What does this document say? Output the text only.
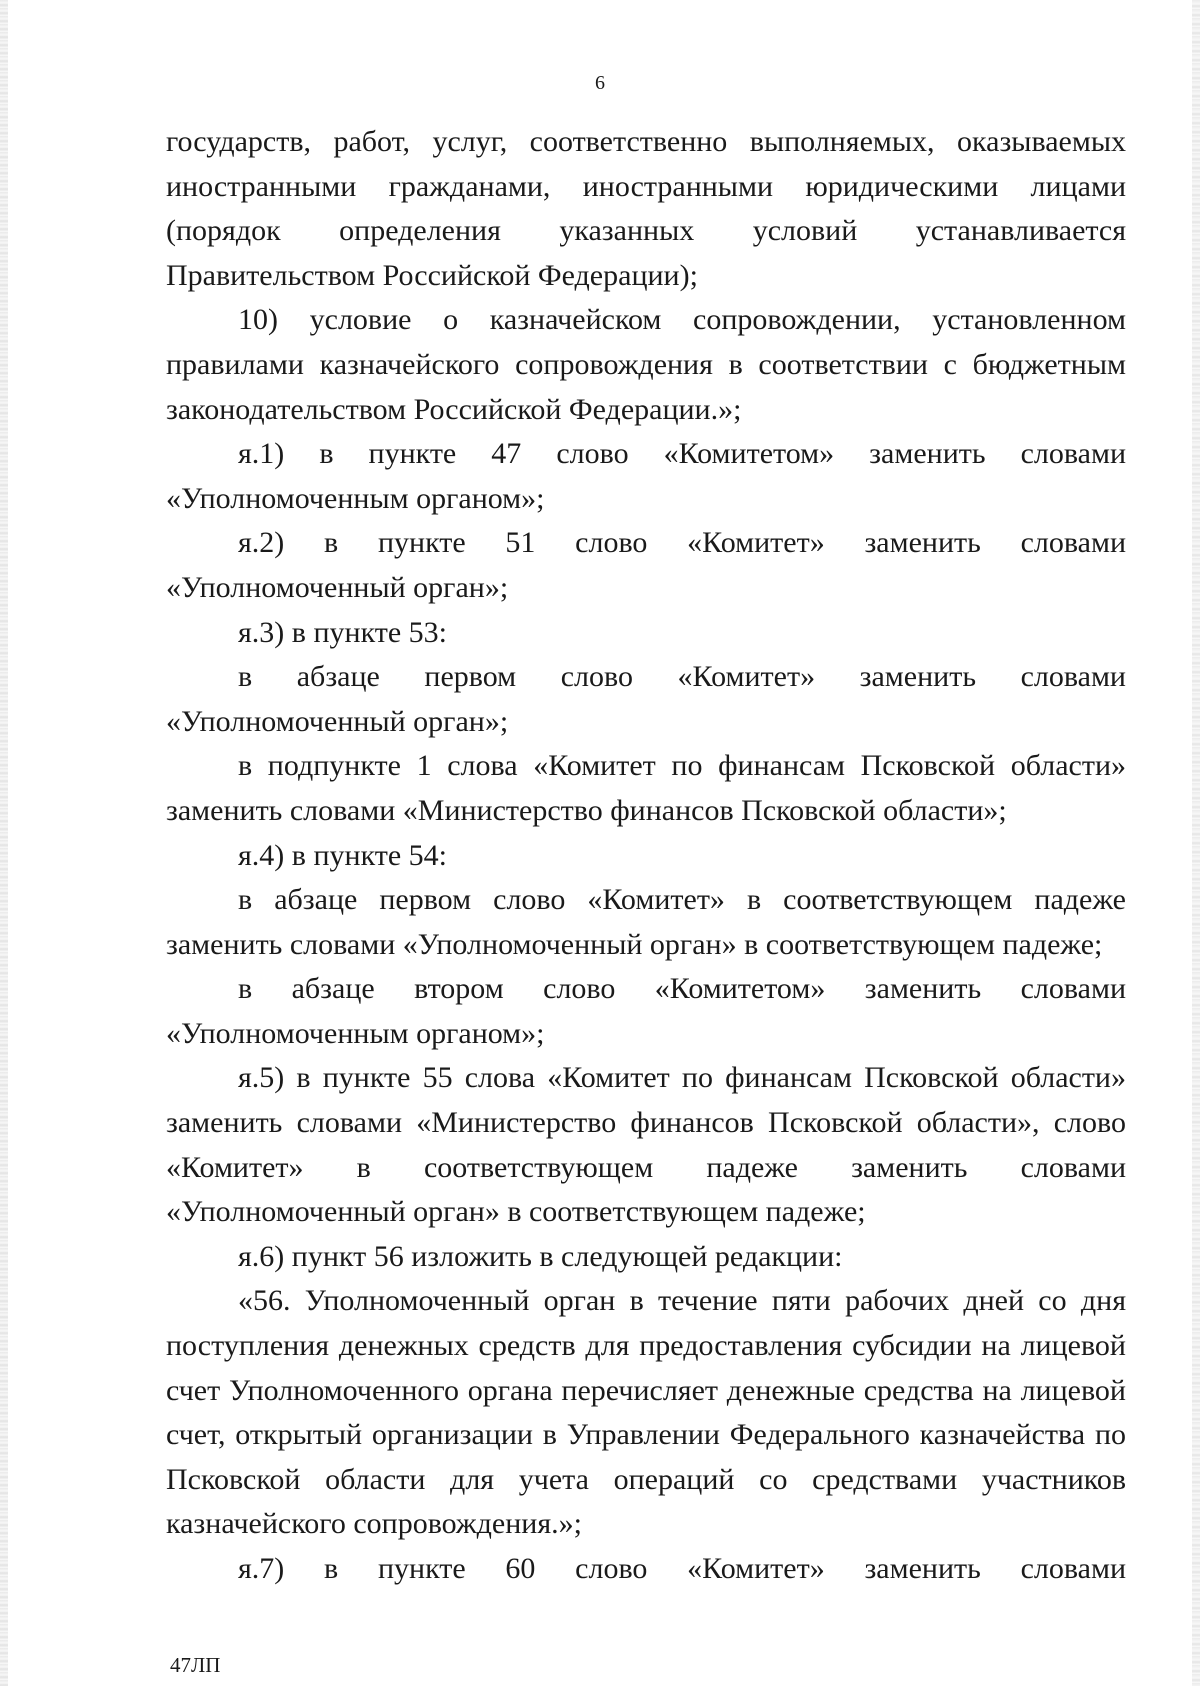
6

государств, работ, услуг, соответственно выполняемых, оказываемых иностранными гражданами, иностранными юридическими лицами (порядок определения указанных условий устанавливается Правительством Российской Федерации);

10) условие о казначейском сопровождении, установленном правилами казначейского сопровождения в соответствии с бюджетным законодательством Российской Федерации.»;

я.1) в пункте 47 слово «Комитетом» заменить словами «Уполномоченным органом»;

я.2) в пункте 51 слово «Комитет» заменить словами «Уполномоченный орган»;

я.3) в пункте 53:

в абзаце первом слово «Комитет» заменить словами «Уполномоченный орган»;

в подпункте 1 слова «Комитет по финансам Псковской области» заменить словами «Министерство финансов Псковской области»;

я.4) в пункте 54:

в абзаце первом слово «Комитет» в соответствующем падеже заменить словами «Уполномоченный орган» в соответствующем падеже;

в абзаце втором слово «Комитетом» заменить словами «Уполномоченным органом»;

я.5) в пункте 55 слова «Комитет по финансам Псковской области» заменить словами «Министерство финансов Псковской области», слово «Комитет» в соответствующем падеже заменить словами «Уполномоченный орган» в соответствующем падеже;

я.6) пункт 56 изложить в следующей редакции:

«56. Уполномоченный орган в течение пяти рабочих дней со дня поступления денежных средств для предоставления субсидии на лицевой счет Уполномоченного органа перечисляет денежные средства на лицевой счет, открытый организации в Управлении Федерального казначейства по Псковской области для учета операций со средствами участников казначейского сопровождения.»;

я.7) в пункте 60 слово «Комитет» заменить словами

47ЛП
